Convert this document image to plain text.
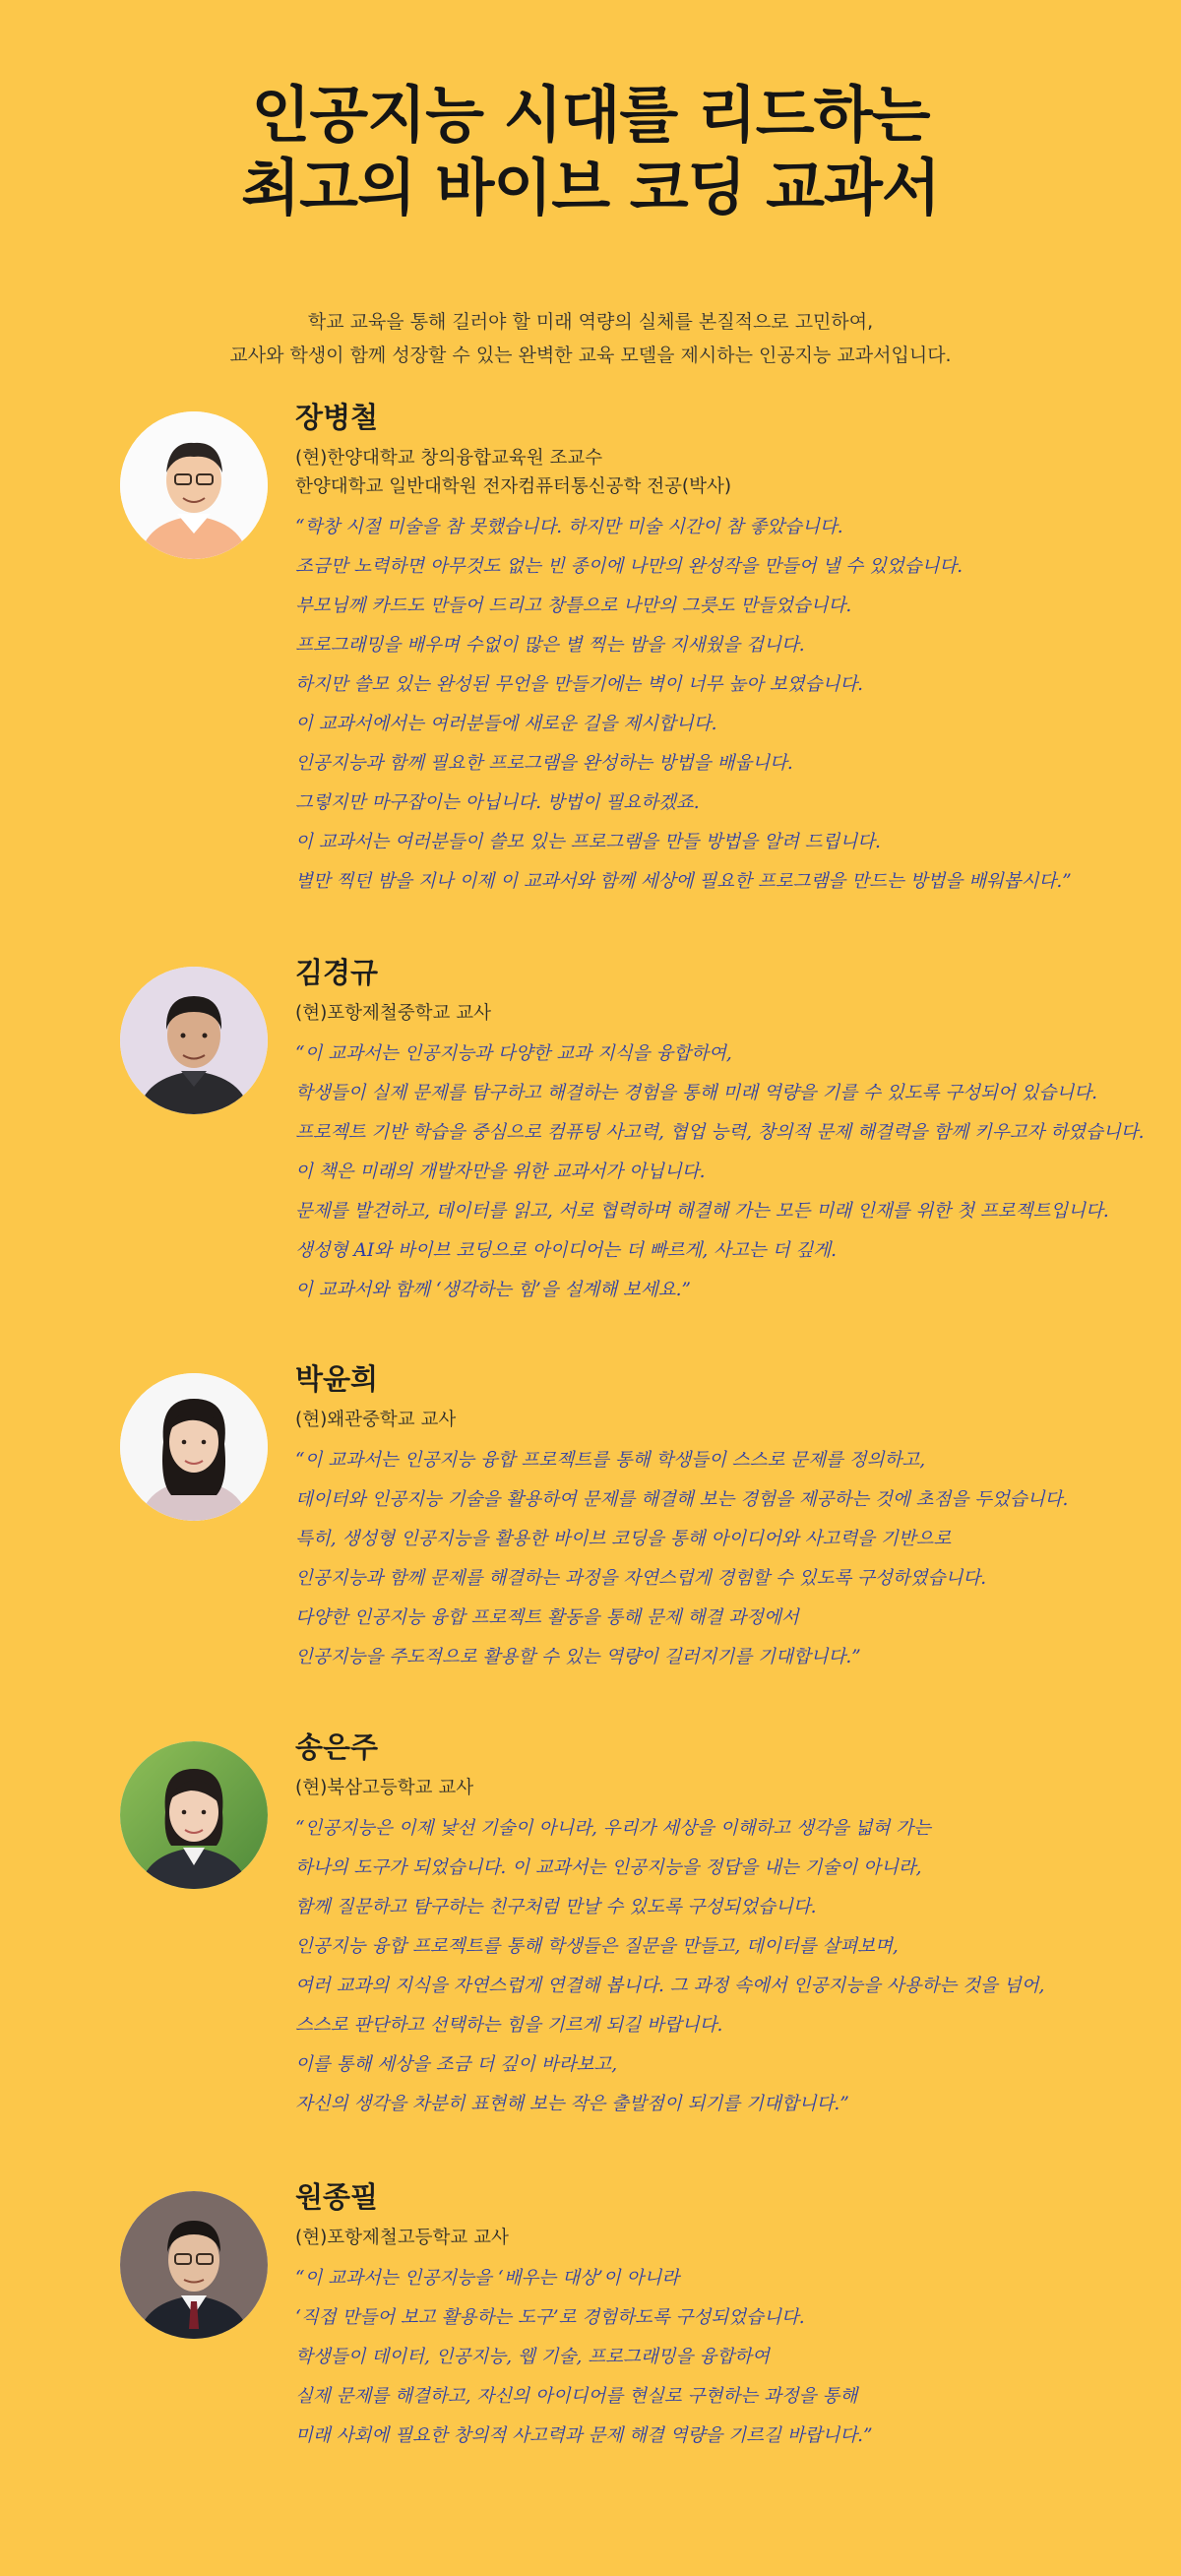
인공지능 시대를 리드하는
최고의 바이브 코딩 교과서
학교 교육을 통해 길러야 할 미래 역량의 실체를 본질적으로 고민하여,
교사와 학생이 함께 성장할 수 있는 완벽한 교육 모델을 제시하는 인공지능 교과서입니다.
장병철
(현)한양대학교 창의융합교육원 조교수
한양대학교 일반대학원 전자컴퓨터통신공학 전공(박사)
“학창 시절 미술을 참 못했습니다. 하지만 미술 시간이 참 좋았습니다.
조금만 노력하면 아무것도 없는 빈 종이에 나만의 완성작을 만들어 낼 수 있었습니다.
부모님께 카드도 만들어 드리고 창틀으로 나만의 그릇도 만들었습니다.
프로그래밍을 배우며 수없이 많은 별 찍는 밤을 지새웠을 겁니다.
하지만 쓸모 있는 완성된 무언을 만들기에는 벽이 너무 높아 보였습니다.
이 교과서에서는 여러분들에 새로운 길을 제시합니다.
인공지능과 함께 필요한 프로그램을 완성하는 방법을 배웁니다.
그렇지만 마구잡이는 아닙니다. 방법이 필요하겠죠.
이 교과서는 여러분들이 쓸모 있는 프로그램을 만들 방법을 알려 드립니다.
별만 찍던 밤을 지나 이제 이 교과서와 함께 세상에 필요한 프로그램을 만드는 방법을 배워봅시다.”
김경규
(현)포항제철중학교 교사
“이 교과서는 인공지능과 다양한 교과 지식을 융합하여,
학생들이 실제 문제를 탐구하고 해결하는 경험을 통해 미래 역량을 기를 수 있도록 구성되어 있습니다.
프로젝트 기반 학습을 중심으로 컴퓨팅 사고력, 협업 능력, 창의적 문제 해결력을 함께 키우고자 하였습니다.
이 책은 미래의 개발자만을 위한 교과서가 아닙니다.
문제를 발견하고, 데이터를 읽고, 서로 협력하며 해결해 가는 모든 미래 인재를 위한 첫 프로젝트입니다.
생성형 AI와 바이브 코딩으로 아이디어는 더 빠르게, 사고는 더 깊게.
이 교과서와 함께 ‘생각하는 힘’을 설계해 보세요.”
박윤희
(현)왜관중학교 교사
“이 교과서는 인공지능 융합 프로젝트를 통해 학생들이 스스로 문제를 정의하고,
데이터와 인공지능 기술을 활용하여 문제를 해결해 보는 경험을 제공하는 것에 초점을 두었습니다.
특히, 생성형 인공지능을 활용한 바이브 코딩을 통해 아이디어와 사고력을 기반으로
인공지능과 함께 문제를 해결하는 과정을 자연스럽게 경험할 수 있도록 구성하였습니다.
다양한 인공지능 융합 프로젝트 활동을 통해 문제 해결 과정에서
인공지능을 주도적으로 활용할 수 있는 역량이 길러지기를 기대합니다.”
송은주
(현)북삼고등학교 교사
“인공지능은 이제 낯선 기술이 아니라, 우리가 세상을 이해하고 생각을 넓혀 가는
하나의 도구가 되었습니다. 이 교과서는 인공지능을 정답을 내는 기술이 아니라,
함께 질문하고 탐구하는 친구처럼 만날 수 있도록 구성되었습니다.
인공지능 융합 프로젝트를 통해 학생들은 질문을 만들고, 데이터를 살펴보며,
여러 교과의 지식을 자연스럽게 연결해 봅니다. 그 과정 속에서 인공지능을 사용하는 것을 넘어,
스스로 판단하고 선택하는 힘을 기르게 되길 바랍니다.
이를 통해 세상을 조금 더 깊이 바라보고,
자신의 생각을 차분히 표현해 보는 작은 출발점이 되기를 기대합니다.”
원종필
(현)포항제철고등학교 교사
“이 교과서는 인공지능을 ‘배우는 대상’이 아니라
‘직접 만들어 보고 활용하는 도구’로 경험하도록 구성되었습니다.
학생들이 데이터, 인공지능, 웹 기술, 프로그래밍을 융합하여
실제 문제를 해결하고, 자신의 아이디어를 현실로 구현하는 과정을 통해
미래 사회에 필요한 창의적 사고력과 문제 해결 역량을 기르길 바랍니다.”
